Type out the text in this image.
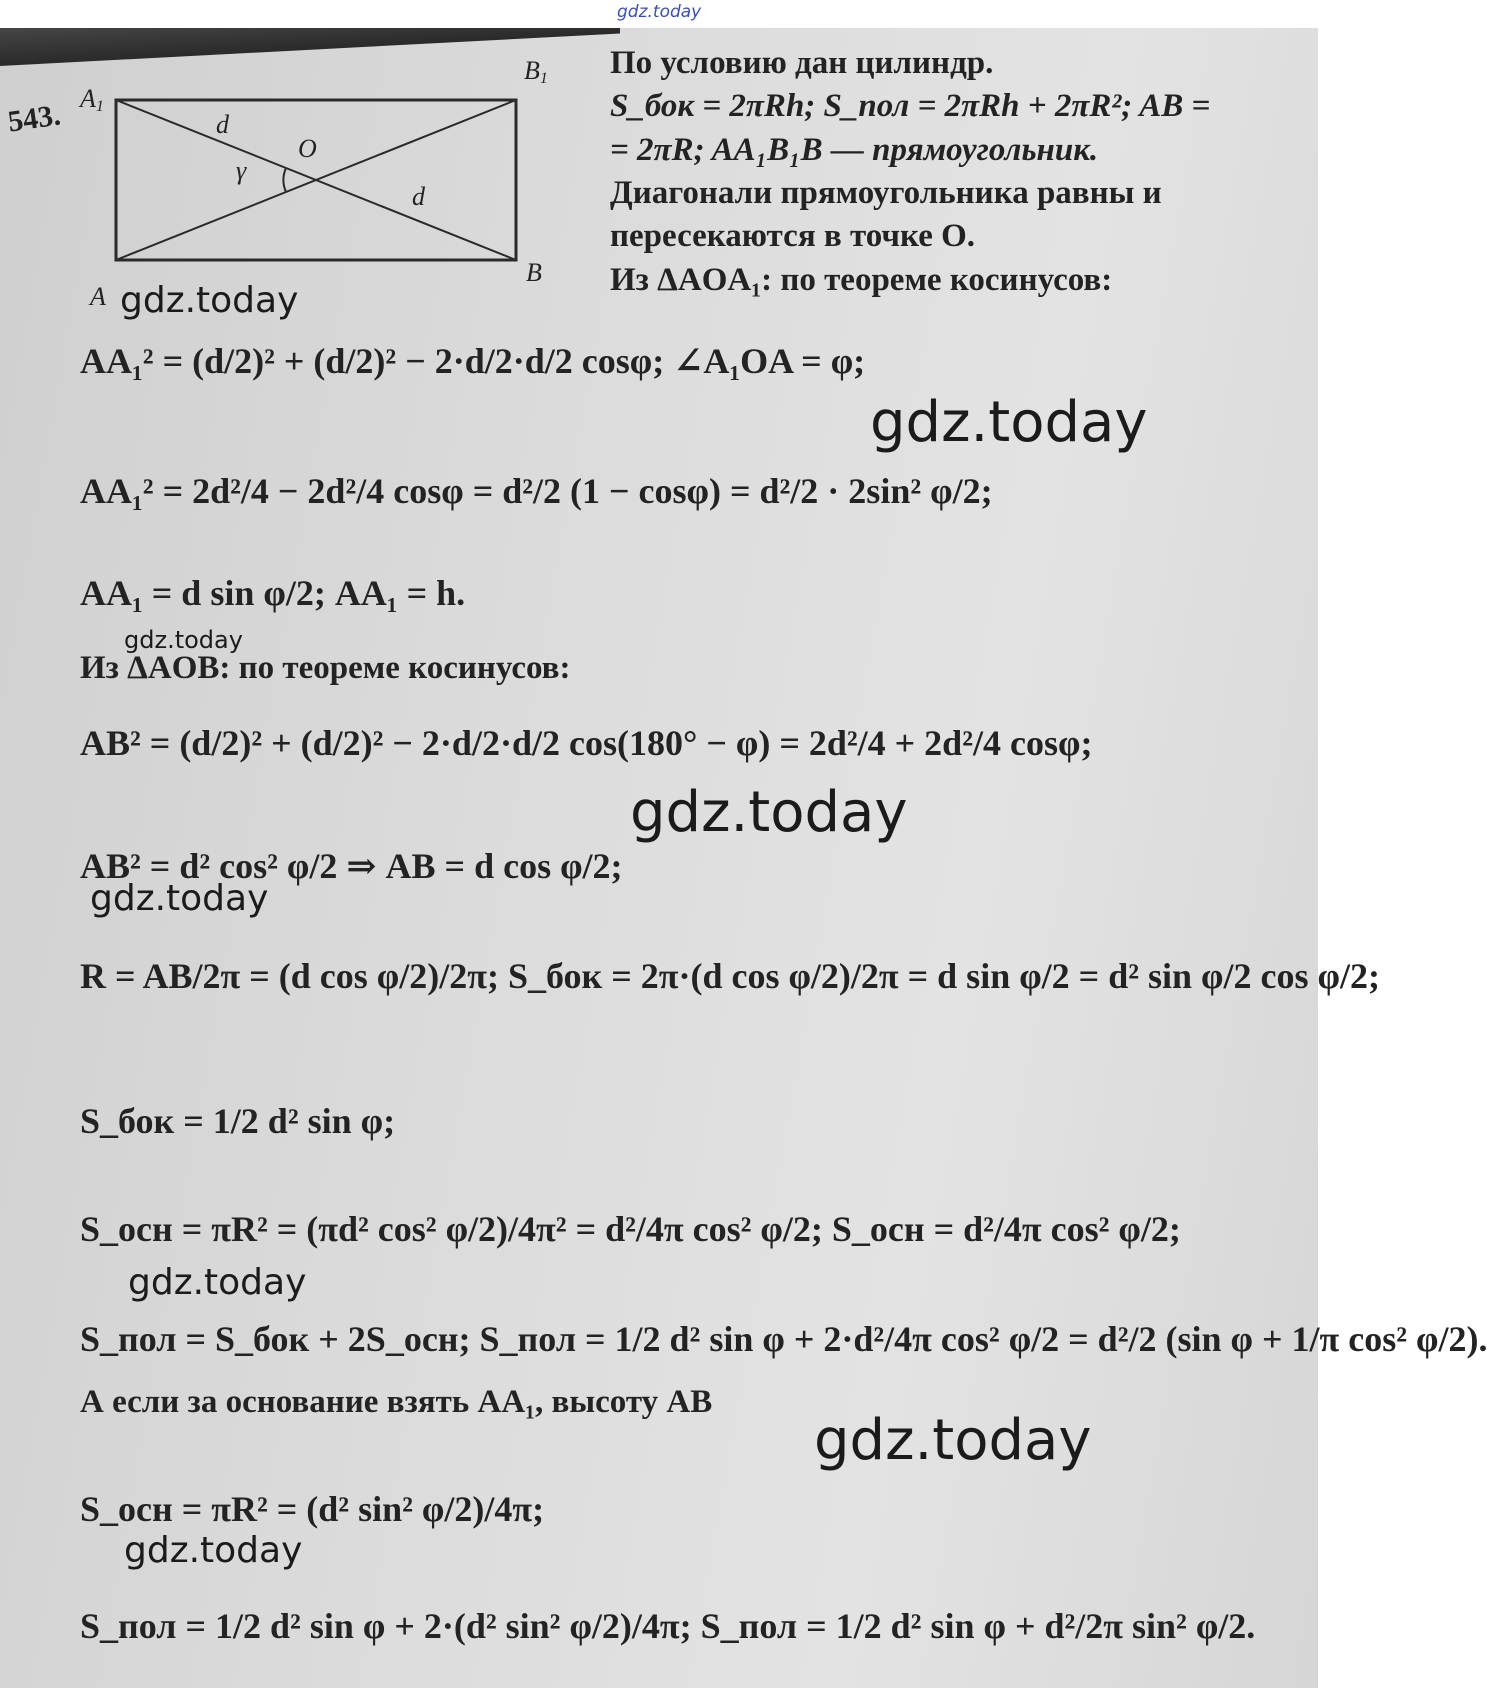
gdz.today
543.
A1
B1
A
B
O
d
d
γ
По условию дан цилиндр.
S_бок = 2πRh; S_пол = 2πRh + 2πR²; AB =
= 2πR; AA₁B₁B — прямоугольник.
Диагонали прямоугольника равны и
пересекаются в точке O.
Из ΔAOA₁: по теореме косинусов:
gdz.today
AA₁² = (d/2)² + (d/2)² − 2·d/2·d/2 cosφ; ∠A₁OA = φ;
gdz.today
AA₁² = 2d²/4 − 2d²/4 cosφ = d²/2 (1 − cosφ) = d²/2 · 2sin² φ/2;
AA₁ = d sin φ/2; AA₁ = h.
gdz.today
Из ΔAOB: по теореме косинусов:
AB² = (d/2)² + (d/2)² − 2·d/2·d/2 cos(180° − φ) = 2d²/4 + 2d²/4 cosφ;
gdz.today
AB² = d² cos² φ/2 ⇒ AB = d cos φ/2;
gdz.today
R = AB/2π = (d cos φ/2)/2π; S_бок = 2π·(d cos φ/2)/2π = d sin φ/2 = d² sin φ/2 cos φ/2;
S_бок = 1/2 d² sin φ;
S_осн = πR² = (πd² cos² φ/2)/4π² = d²/4π cos² φ/2; S_осн = d²/4π cos² φ/2;
gdz.today
S_пол = S_бок + 2S_осн; S_пол = 1/2 d² sin φ + 2·d²/4π cos² φ/2 = d²/2 (sin φ + 1/π cos² φ/2).
А если за основание взять AA₁, высоту AB
gdz.today
S_осн = πR² = (d² sin² φ/2)/4π;
gdz.today
S_пол = 1/2 d² sin φ + 2·(d² sin² φ/2)/4π; S_пол = 1/2 d² sin φ + d²/2π sin² φ/2.
